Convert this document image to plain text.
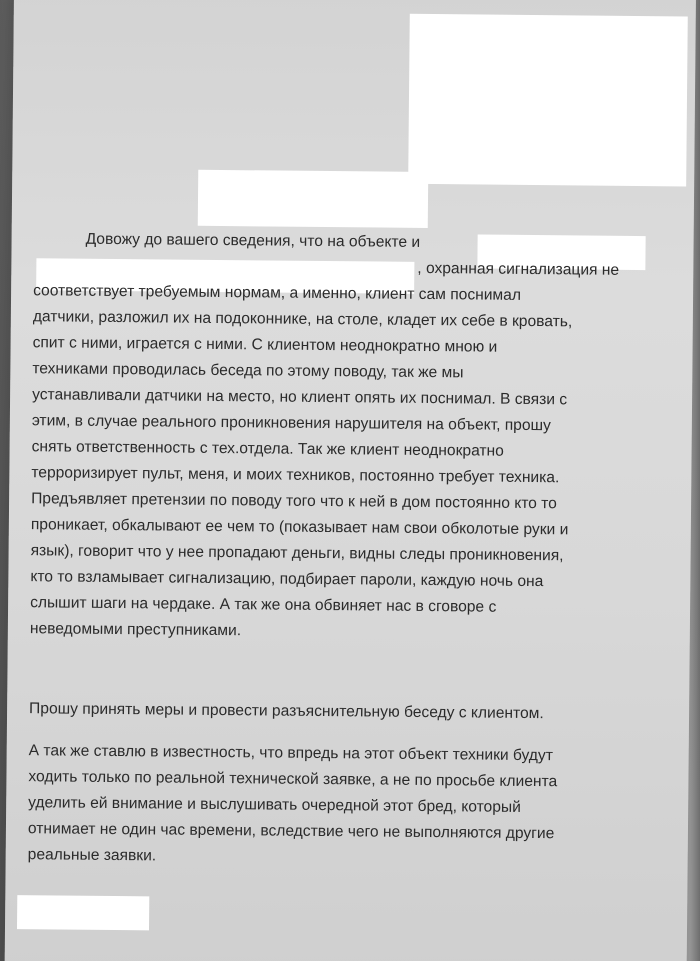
Довожу до вашего сведения, что на объекте и
, охранная сигнализация не
соответствует требуемым нормам, а именно, клиент сам поснимал
датчики, разложил их на подоконнике, на столе, кладет их себе в кровать,
спит с ними, играется с ними. С клиентом неоднократно мною и
техниками проводилась беседа по этому поводу, так же мы
устанавливали датчики на место, но клиент опять их поснимал. В связи с
этим, в случае реального проникновения нарушителя на объект, прошу
снять ответственность с тех.отдела. Так же клиент неоднократно
терроризирует пульт, меня, и моих техников, постоянно требует техника.
Предъявляет претензии по поводу того что к ней в дом постоянно кто то
проникает, обкалывают ее чем то (показывает нам свои обколотые руки и
язык), говорит что у нее пропадают деньги, видны следы проникновения,
кто то взламывает сигнализацию, подбирает пароли, каждую ночь она
слышит шаги на чердаке. А так же она обвиняет нас в сговоре с
неведомыми преступниками.
Прошу принять меры и провести разъяснительную беседу с клиентом.
А так же ставлю в известность, что впредь на этот объект техники будут
ходить только по реальной технической заявке, а не по просьбе клиента
уделить ей внимание и выслушивать очередной этот бред, который
отнимает не один час времени, вследствие чего не выполняются другие
реальные заявки.
